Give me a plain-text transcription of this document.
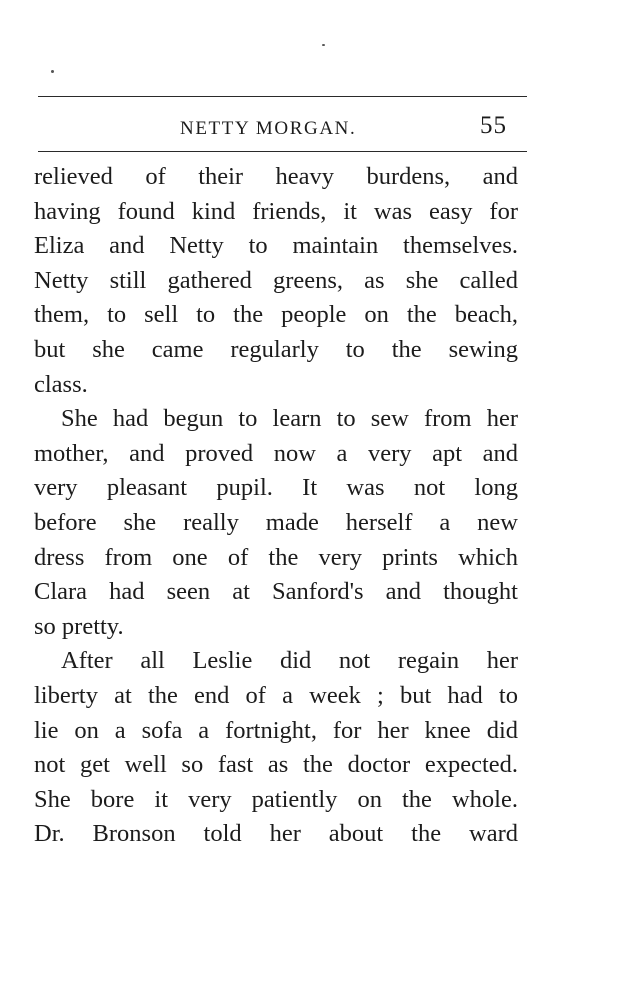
NETTY MORGAN.	55
relieved of their heavy burdens, and
having found kind friends, it was easy for
Eliza and Netty to maintain themselves.
Netty still gathered greens, as she called
them, to sell to the people on the beach,
but she came regularly to the sewing
class.
She had begun to learn to sew from her
mother, and proved now a very apt and
very pleasant pupil. It was not long
before she really made herself a new
dress from one of the very prints which
Clara had seen at Sanford's and thought
so pretty.
After all Leslie did not regain her
liberty at the end of a week ; but had to
lie on a sofa a fortnight, for her knee did
not get well so fast as the doctor expected.
She bore it very patiently on the whole.
Dr. Bronson told her about the ward
